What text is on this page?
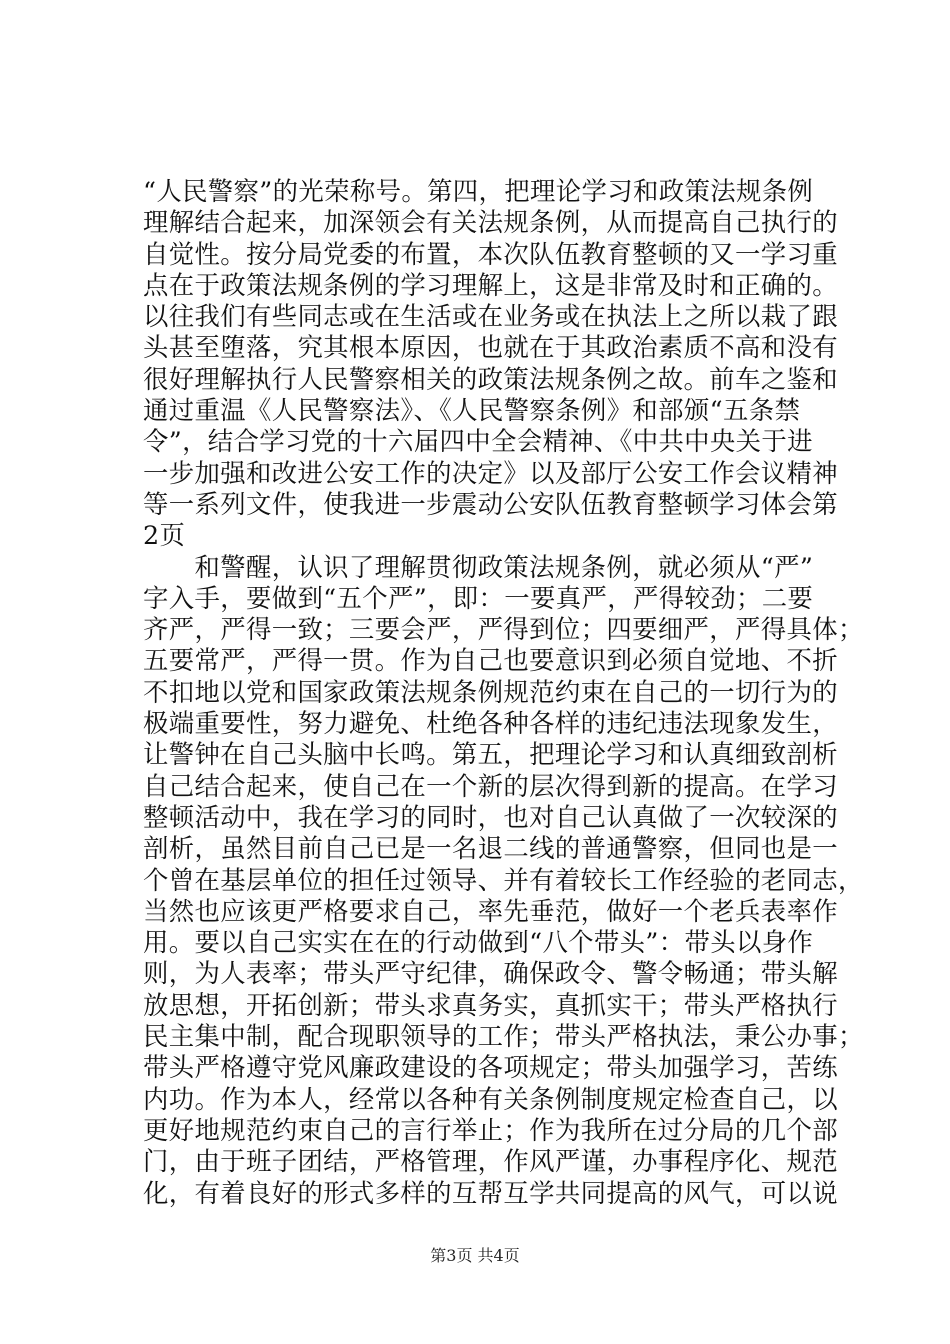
“人民警察”的光荣称号。第四，把理论学习和政策法规条例
理解结合起来，加深领会有关法规条例，从而提高自己执行的
自觉性。按分局党委的布置，本次队伍教育整顿的又一学习重
点在于政策法规条例的学习理解上，这是非常及时和正确的。
以往我们有些同志或在生活或在业务或在执法上之所以栽了跟
头甚至堕落，究其根本原因，也就在于其政治素质不高和没有
很好理解执行人民警察相关的政策法规条例之故。前车之鉴和
通过重温《人民警察法》、《人民警察条例》和部颁“五条禁
令”，结合学习党的十六届四中全会精神、《中共中央关于进
一步加强和改进公安工作的决定》以及部厅公安工作会议精神
等一系列文件，使我进一步震动公安队伍教育整顿学习体会第
2页
　　和警醒，认识了理解贯彻政策法规条例，就必须从“严”
字入手，要做到“五个严”，即：一要真严，严得较劲；二要
齐严，严得一致；三要会严，严得到位；四要细严，严得具体；
五要常严，严得一贯。作为自己也要意识到必须自觉地、不折
不扣地以党和国家政策法规条例规范约束在自己的一切行为的
极端重要性，努力避免、杜绝各种各样的违纪违法现象发生，
让警钟在自己头脑中长鸣。第五，把理论学习和认真细致剖析
自己结合起来，使自己在一个新的层次得到新的提高。在学习
整顿活动中，我在学习的同时，也对自己认真做了一次较深的
剖析，虽然目前自己已是一名退二线的普通警察，但同也是一
个曾在基层单位的担任过领导、并有着较长工作经验的老同志，
当然也应该更严格要求自己，率先垂范，做好一个老兵表率作
用。要以自己实实在在的行动做到“八个带头”：带头以身作
则，为人表率；带头严守纪律，确保政令、警令畅通；带头解
放思想，开拓创新；带头求真务实，真抓实干；带头严格执行
民主集中制，配合现职领导的工作；带头严格执法，秉公办事；
带头严格遵守党风廉政建设的各项规定；带头加强学习，苦练
内功。作为本人，经常以各种有关条例制度规定检查自己，以
更好地规范约束自己的言行举止；作为我所在过分局的几个部
门，由于班子团结，严格管理，作风严谨，办事程序化、规范
化，有着良好的形式多样的互帮互学共同提高的风气，可以说
第3页 共4页
